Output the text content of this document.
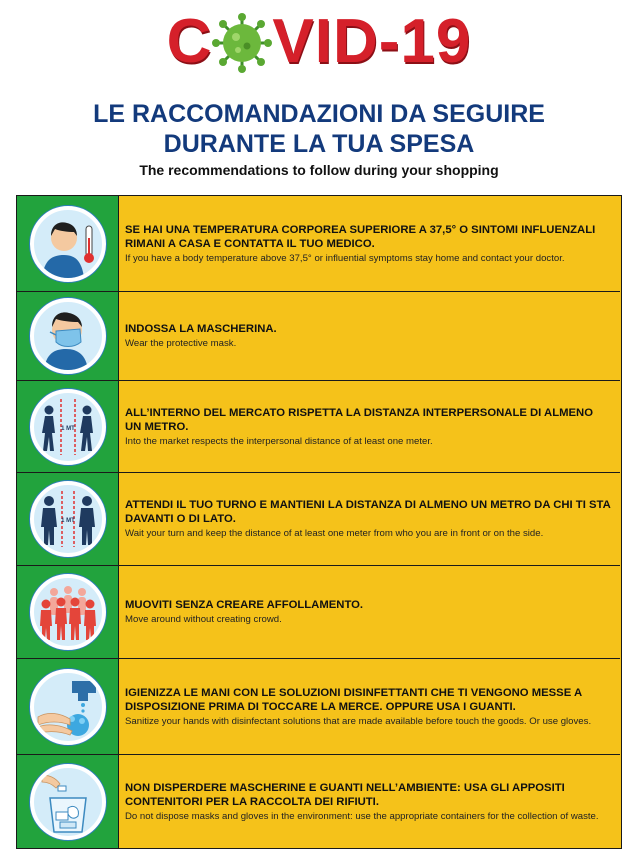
C VID-19
LE RACCOMANDAZIONI DA SEGUIRE
DURANTE LA TUA SPESA
The recommendations to follow during your shopping
SE HAI UNA TEMPERATURA CORPOREA SUPERIORE A 37,5° O SINTOMI INFLUENZALI RIMANI A CASA E CONTATTA IL TUO MEDICO.
If you have a body temperature above 37,5° or influential symptoms stay home and contact your doctor.
INDOSSA LA MASCHERINA.
Wear the protective mask.
1 MT
ALL’INTERNO DEL MERCATO RISPETTA LA DISTANZA INTERPERSONALE DI ALMENO UN METRO.
Into the market respects the interpersonal distance of at least one meter.
1 MT
ATTENDI IL TUO TURNO E MANTIENI LA DISTANZA DI ALMENO UN METRO DA CHI TI STA DAVANTI O DI LATO.
Wait your turn and keep the distance of at least one meter from who you are in front or on the side.
MUOVITI SENZA CREARE AFFOLLAMENTO.
Move around without creating crowd.
IGIENIZZA LE MANI CON LE SOLUZIONI DISINFETTANTI CHE TI VENGONO MESSE A DISPOSIZIONE PRIMA DI TOCCARE LA MERCE. OPPURE USA I GUANTI.
Sanitize your hands with disinfectant solutions that are made available before touch the goods. Or use gloves.
NON DISPERDERE MASCHERINE E GUANTI NELL’AMBIENTE: USA GLI APPOSITI CONTENITORI PER LA RACCOLTA DEI RIFIUTI.
Do not dispose masks and gloves in the environment: use the appropriate containers for the collection of waste.
